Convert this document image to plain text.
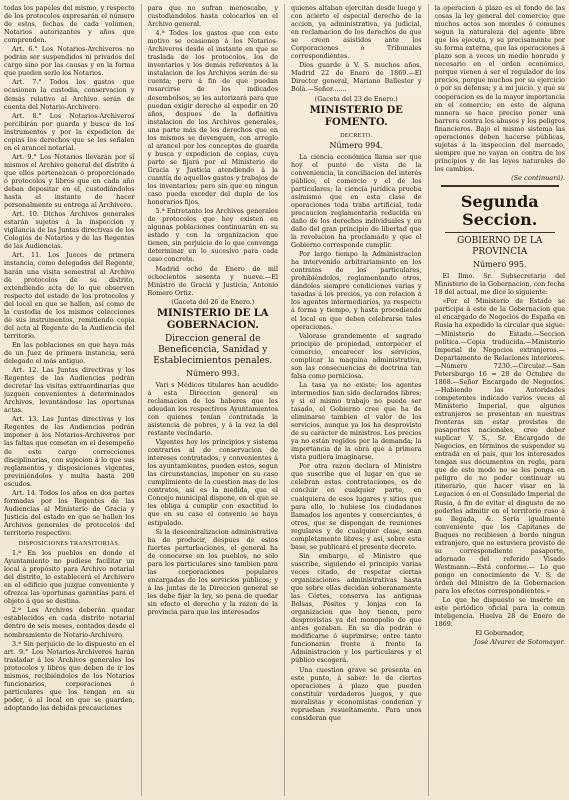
todas los papeles del mismo, y respecto de los protocolos expresarán el número de estos, fechas de cada volúmen, Notarios autorizantes y años que comprenden.

Art. 6.° Los Notarios-Archiveros no podrán ser suspendidos ni privados del cargo sino por las causas y en la forma que pueden serlo los Notarios.

Art. 7.° Todos los gastos que ocasionen la custodia, conservacion y demás relativo al Archivo serán de cuenta del Notario-Archivero.

Art. 8.° Los Notarios-Archiveros percibirán por guarda y busca de los instrumentos y por la expedicion de copias los derechos que se les señalen en el arancel notarial.

Art. 9.° Los Notarios llevarán por sí mismos el Archivo general del distrito á que ellos pertenezcan ó proporcionado ó protocolos y libros que en cada año deban depositar en el, custodiándolos hasta el instante de hacer personalmente su entrega al Archivero.

Art. 10. Dichos Archivos generales estarán sujetos á la inspeccion y vigilancia de las Juntas directivas de los Colegios de Notarios y de las Regentes de las Audiencias.

Art. 11. Los Jueces de primera instancia, como delegados del Regente, harán una visita semestral al Archivo de protocolos de su distrito, extendiendo acta de lo que observen respecto del estado de los protocolos y del local en que se hallen, así como de la custodia de los mismos colecciones de sus instrumentos, remitiendo copia del acta al Regente de la Audiencia del territorio.

En las poblaciones en que haya más de un Juez de primera instancia, será delegado el más antiguo.

Art. 12. Las Juntas directivas y los Regentes de las Audiencias podrán decretar las visitas extraordinarias que juzguen convenientes á determinados Archivos, levantándose las oportunas actas.

Art. 13. Las Juntas directivas y los Regentes de las Audiencias podrán imponer á los Notarios-Archiveros por las faltas que cometan en el desempeño de este cargo correcciones disciplinarias, con sujecion á lo que sus reglamentos y disposiciones vigentes, previniéndolos y multa hasta 200 escudos.

Art. 14. Todos los años en dos partes formadas por los Regentes de las Audiencias al Ministerio de Gracia y Justicia del estado en que se hallen los Archivos generales de protocolos del territorio respectivo.

DISPOSICIONES TRANSITORIAS.

1.ª En los pueblos en donde el Ayuntamiento no pudiese facilitar un local á propósito para Archivo notarial del distrito, lo establecerá el Archivero en el edificio que juzgue conveniente y ofrezca las oportunas garantías para el objeto á que se destina.

2.ª Los Archivos deberán quedar establecidos en cada distrito notarial dentro de seis meses, contados desde el nombramiento de Notario-Archivero.

3.ª Sin perjuicio de lo dispuesto en el art. 9.° Los Notarios-Archiveros harán trasladar á los Archivos generales los protocolos y libros que deben de ir los mismos, recibiéndolos de los Notarios funcionarios, corporaciones ó particulares que los tengan en su poder, ó al local en que se guarden, adoptando las debidas precauciones

para que no sufran menoscabo, y custodiándolos hasta colocarlos en el Archivo general.

4.ª Todos los gastos que con este motivo se ocasionen á los Notarios-Archiveros desde el instante en que se traslada de los protocolos, los de inventarios y los demás referentes á la instalacion de los Archivos serán de su cuenta; pero á fin de que puedan resarcirse de los indicados desembolsos, se les autorizará para que puedan exigir derecho al expedir en 20 años, despues de la definitiva instalacion de los Archivos generales, una parte más de los derechos que en los mismos se devenguen, con arreglo al arancel por los conceptos de guarda y busca y expedicion de copias, cuya parte se fijará por el Ministerio de Gracia y Justicia atendiendo á la cuantía de aquellos gastos y trabajos de los inventarios; pero sin que en ningun caso pueda exceder del duplo de los honorarios fijos.

5.ª Entretanto los Archivos generales de protocolos que hoy existen en algunas poblaciones continuarán en su estado y con la organizacion que tienen, sin perjuicio de lo que convenga determinar en lo sucesivo para cada caso concreto.

Madrid ocho de Enero de mil ochocientos sesenta y nueve.—El Ministro de Gracia y Justicia, Antonio Romero Ortiz.

(Gaceta del 26 de Enero.)

MINISTERIO DE LA GOBERNACION.
Direccion general de Beneficencia, Sanidad y Establecimientos penales.
Número 993.

Vari s Médicos titulares han acudido á esta Direccion general en reclamacion de los haberes que les adeudan los respectivos Ayuntamientos con quienes tenían contratada la asistencia de pobres, y á la vez la del restante vecindario.

Vigentes hoy los principios y sistema contrarios al de conservacion de intereses contratados, y convenientes á los ayuntamientos, pueden estos, segun las circunstancias, imponer en su caso cumplimiento de la cuestion mas de los contratos, así es la medida, que el Concejo municipal dispone, en el que se les obliga á cumplir con exactitud lo que en su caso el convenio se haya estipulado.

Si la desceniralizacion administrativa ha de producir, despues de estos fuertes perturbaciones, el general ha de conocerse en los pueblos, no solo para los particulares sino tambien para las corporaciones populares encargadas de los servicios públicos; y á las juntas de la Direccion general se les debe fijar la ley, so pena de quedar sin efecto el derecho y la razon de la provincia para que los interesados

quienes altaban ejercitan desde luego y con acierto el especial derecho de la accion, ya administrativa, ya judicial, en reclamacion de los derechos de que se creen asistidos ante los Corporaciones ó Tribunales correspondientes.

Dios guarde á V. S. muchos años. Madrid 22 de Enero de 1869.—El Director general, Mariano Ballester y Bolá.—Señor.......

(Gaceta del 23 de Enero.)

MINISTERIO DE FOMENTO.
DECRETO.
Número 994.

La ciencia económica llama ser que hoy el punto de vista de la conveniencia, la conciliacion del interés público, el comercio y el de los particulares; la ciencia jurídica prueba asímismo que en esta clase de operaciones toda traba artificial, toda precaucion reglamentaria reducida en daño de los derechos individuales y en daño del gran principio de libertad que la revolucion ha proclamado y que el Gobierno corresponde cumplir.

Por largo tiempo la Administracion ha intervenido arbitrariamente en los contratos de los particulares, prohibiéndolos, reglamentando otros, dándoles siempre condiciones varias y tasadas á los precios, ya con relacion á los agentes intermediarios, ya respecto á forma y tiempo, y hasta procediendo el local en que deben celebrarse tales operaciones.

Valorase grandemente el sagrado principio de propiedad, entorpecer el comercio, encarecer los servicios, complicar la maquina administrativa, son las consecuencias de doctrina tan falsa como perniciosa.

La tasa ya no existe; los agentes intermedios han sido declarados libres; y si el mismo trabajo no puede ser tasado, el Gobierno cree que ha de eliminarse tambien el valor de los servicios, aunque ya los ha desprovisto de su carácter de ministros. Los precios ya no están regidos por la demanda; la importancia de la obra que á primera vista pudiera imaginarse.

Por otra razon declara el Ministro que suscribe que el lugar en que se celebran estas contrataciones, es de concluir en cualquier parte, en cualquiera de esos lugares y sitios que para ello, lo hubiese los ciudadanos llamados los agentes y comerciantes, ó otros, que se dispongan de reuniones regulares y de cualquier clase, sean completamente libres; y así, sobre esta base, se publicará el presente decreto.

Sin embargo, el Ministro que suscribe, siguiendo el principio varias veces citado, de respetar ciertas organizaciones administrativas hasta que sobre ellas decidan soberanamente las Córtes, conserva las antiguas Bolsas, Pósitos y lonjas con la organizacion que hoy tienen, pero desprovistas ya del monopolio de que antes gozaban. En su día podrán ó modificarse ó suprimirse; entre tanto funcionarán frente á frente la Administracion y los particulares y el público escogerá.

Una cuestion grave se presenta en este punto, á saber: lo de ciertos operaciones á plazo que pueden constituir verdaderos juegos, y que moralistas y economistas condenan y reprueban resueltamente. Para unos consideran que

la operacion á plazo es el fondo de las cosas la ley general del comercio; que muchos actos son morales ó comunes segun la naturaleza del agente libre que los ejecuta, y su precisamente por su forma externa, que las operaciones á plazo son á veces un medio honrado y necesario en el orden económico, porque vienen á ser el regulador de los precios, porque muchos por su ejercicio ó por su defensa; y á mi juicio, y que su cooperacion es de la mayor importancia en el comercio; en esto de alguna manera se hace preciso poner una barrera contra los abusos y los peligros financieros. Bajo el mismo sistema las operaciones deben hacerse públicas, sujetas á la inspeccion del mercado, siempre que no vayan en contra de los principios y de las leyes naturales de los cambios.

(Se continuará).

Segunda Seccion.
GOBIERNO DE LA PROVINCIA
Número 995.

El Ilmo. Sr. Subsecretario del Ministerio de la Gobernacion, con fecha 18 del actual, me dice lo siguiente:

«Por el Ministerio de Estado se participa á este de la Gobernacion que el encargado de Negocios de España en Rusia ha expedido la circular que sigue: —Ministerio de Estado.—Seccion política.—Copia traducida.—Ministerio Imperial de Negocios extranjeros.—Departamento de Relaciones interiores.—Número 7230.—Circular.—San Petersburgo 16 = 28 de Octubre de 1868.—Señor Encargado de Negocios.—Habiendo las Autoridades competentes indicado varios veces al Ministerio Imperial, que algunos extranjeros se presentan en nuestras fronteras sin estar provistos de pasaportes nacionales, creo deber suplicar V. S., Sr. Encargado de Negocios, en términos de suspender su entrada en el país, que los interesados tengan sus documentos en regla, para que de este modo no se les ponga en peligro de no poder continuar su itinerario, que hacer visar en la Legacion ó en el Consulado Imperial de Rusia, á fin de evitar el disgusto de no poderles admitir en el territorio ruso á su llegada, &. Sería igualmente conveniente que los Capitanes de Buques no recibiesen á bordo ningun extranjero, que no estuviera provisto de su correspondiente pasaporte, adornado del referido Visado Westmann.—Está conforme.— Lo que pongo en conocimiento de V. S. de órden del Ministro de la Gobernacion para los efectos correspondientes.»

Lo que he dispuesto se inserte en este periódico oficial para la comun inteligencia. Huelva 28 de Enero de 1869.

El Gobernador,

José Alvarez de Sotomayor.
